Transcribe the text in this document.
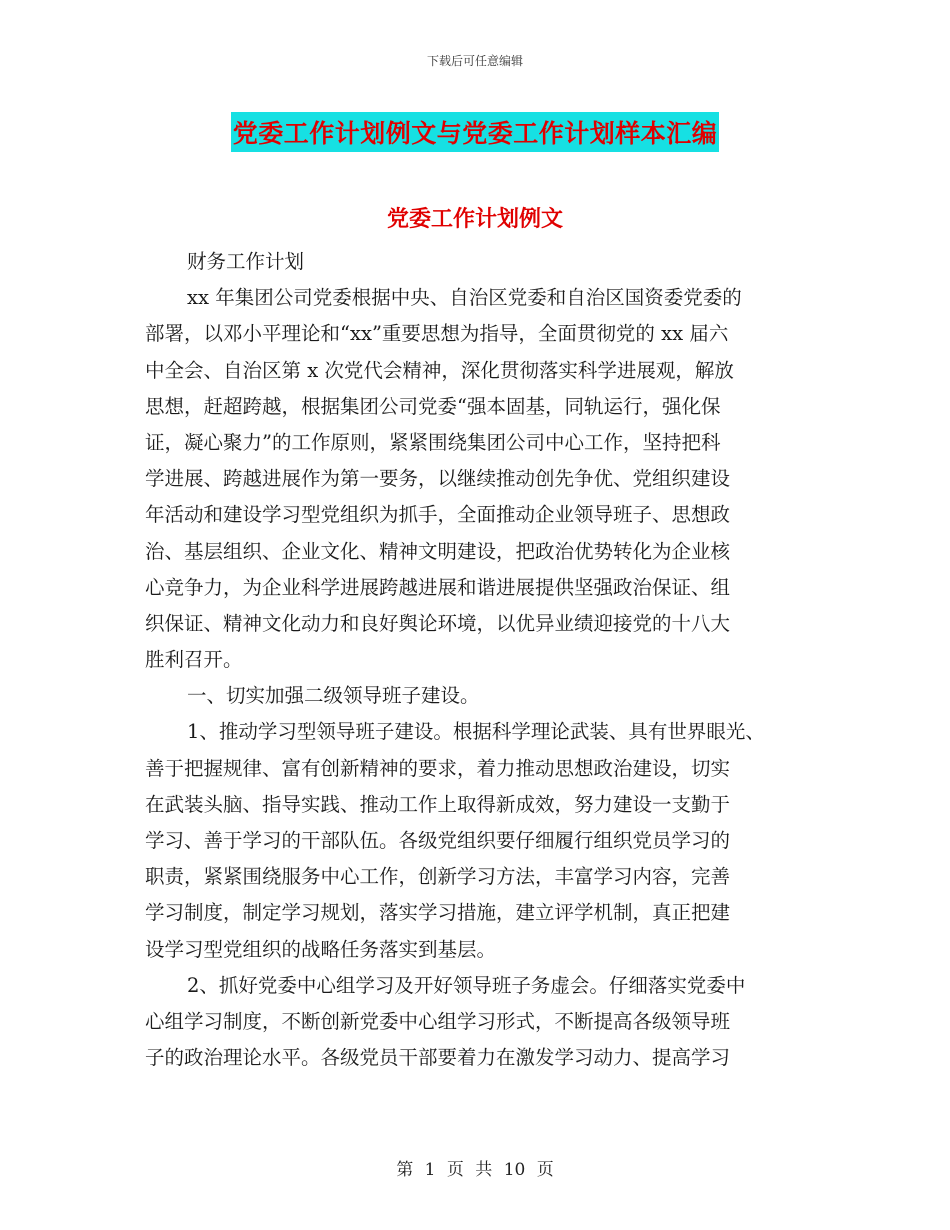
下载后可任意编辑
党委工作计划例文与党委工作计划样本汇编
党委工作计划例文
财务工作计划
xx 年集团公司党委根据中央、自治区党委和自治区国资委党委的
部署，以邓小平理论和“xx”重要思想为指导，全面贯彻党的 xx 届六
中全会、自治区第 x 次党代会精神，深化贯彻落实科学进展观，解放
思想，赶超跨越，根据集团公司党委“强本固基，同轨运行，强化保
证，凝心聚力”的工作原则，紧紧围绕集团公司中心工作，坚持把科
学进展、跨越进展作为第一要务，以继续推动创先争优、党组织建设
年活动和建设学习型党组织为抓手，全面推动企业领导班子、思想政
治、基层组织、企业文化、精神文明建设，把政治优势转化为企业核
心竞争力，为企业科学进展跨越进展和谐进展提供坚强政治保证、组
织保证、精神文化动力和良好舆论环境，以优异业绩迎接党的十八大
胜利召开。
一、切实加强二级领导班子建设。
1、推动学习型领导班子建设。根据科学理论武装、具有世界眼光、
善于把握规律、富有创新精神的要求，着力推动思想政治建设，切实
在武装头脑、指导实践、推动工作上取得新成效，努力建设一支勤于
学习、善于学习的干部队伍。各级党组织要仔细履行组织党员学习的
职责，紧紧围绕服务中心工作，创新学习方法，丰富学习内容，完善
学习制度，制定学习规划，落实学习措施，建立评学机制，真正把建
设学习型党组织的战略任务落实到基层。
2、抓好党委中心组学习及开好领导班子务虚会。仔细落实党委中
心组学习制度，不断创新党委中心组学习形式，不断提高各级领导班
子的政治理论水平。各级党员干部要着力在激发学习动力、提高学习
第 1 页 共 10 页
